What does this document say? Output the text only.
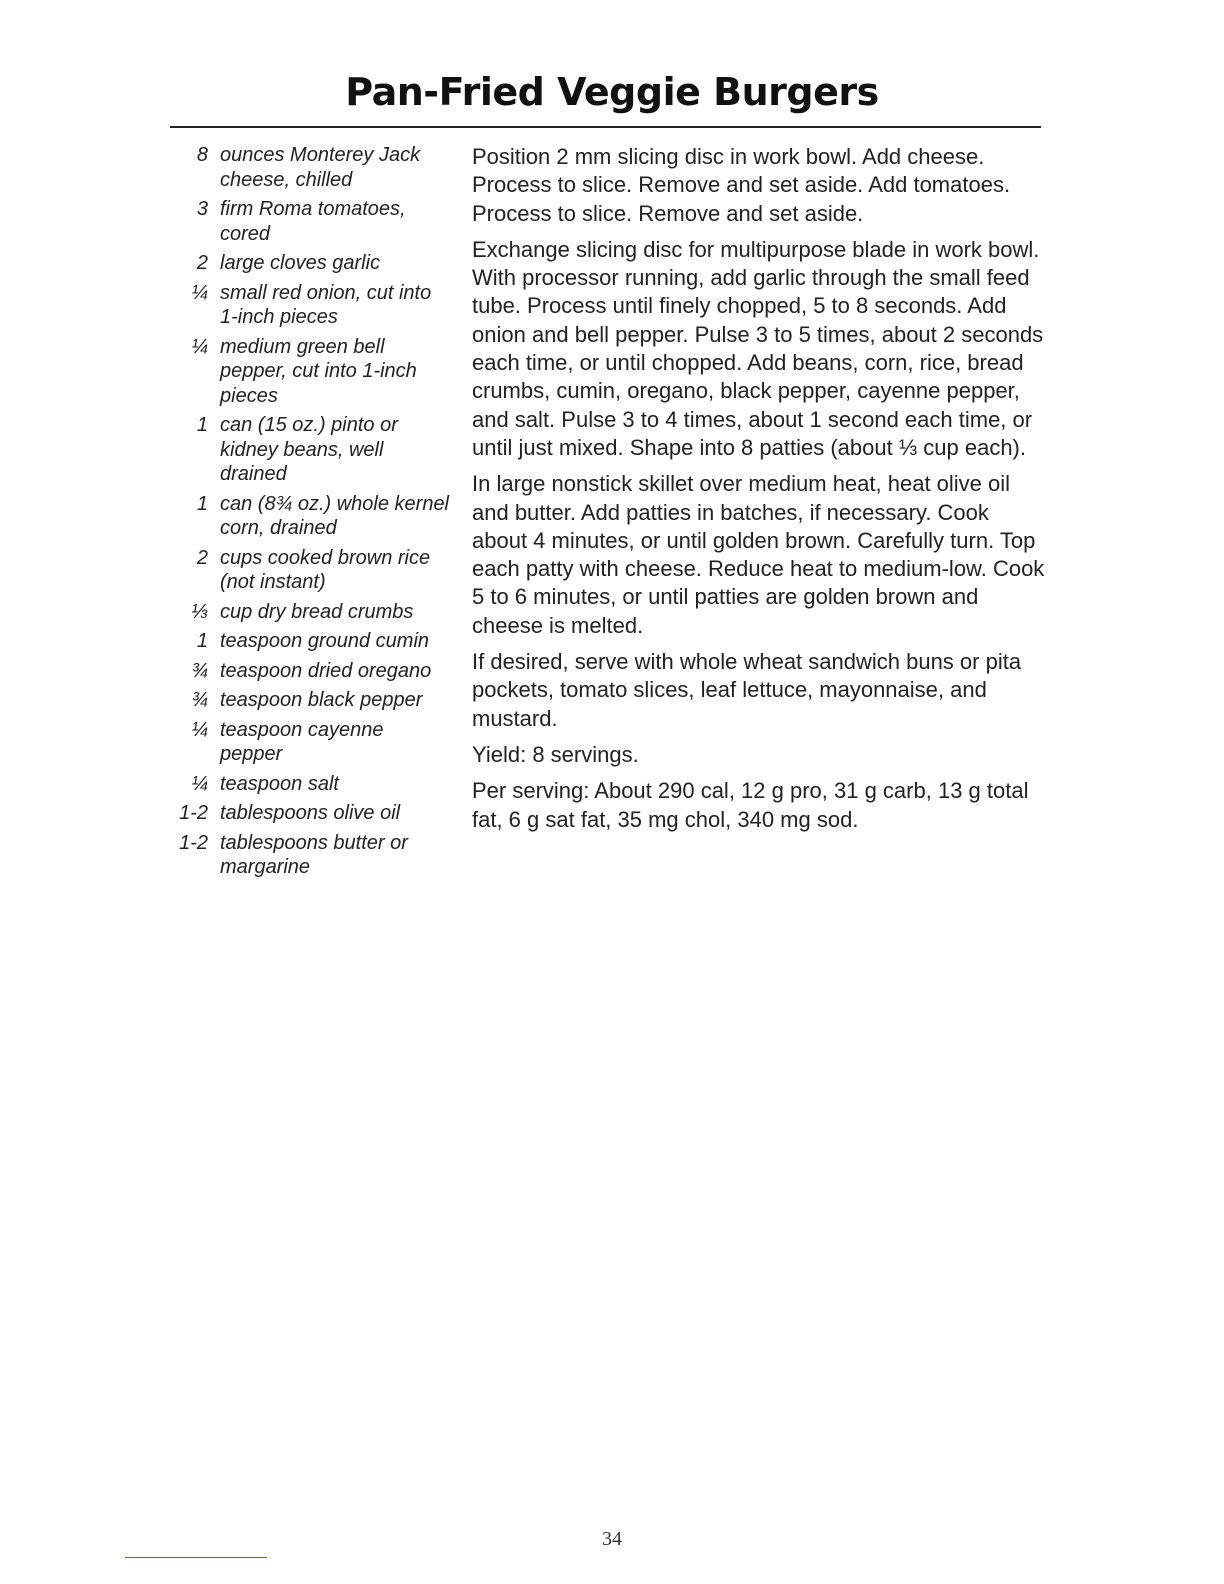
Pan-Fried Veggie Burgers
8 ounces Monterey Jack cheese, chilled
3 firm Roma tomatoes, cored
2 large cloves garlic
¼ small red onion, cut into 1-inch pieces
¼ medium green bell pepper, cut into 1-inch pieces
1 can (15 oz.) pinto or kidney beans, well drained
1 can (8¾ oz.) whole kernel corn, drained
2 cups cooked brown rice (not instant)
⅓ cup dry bread crumbs
1 teaspoon ground cumin
¾ teaspoon dried oregano
¾ teaspoon black pepper
¼ teaspoon cayenne pepper
¼ teaspoon salt
1-2 tablespoons olive oil
1-2 tablespoons butter or margarine

Position 2 mm slicing disc in work bowl. Add cheese. Process to slice. Remove and set aside. Add tomatoes. Process to slice. Remove and set aside.

Exchange slicing disc for multipurpose blade in work bowl. With processor running, add garlic through the small feed tube. Process until finely chopped, 5 to 8 seconds. Add onion and bell pepper. Pulse 3 to 5 times, about 2 seconds each time, or until chopped. Add beans, corn, rice, bread crumbs, cumin, oregano, black pepper, cayenne pepper, and salt. Pulse 3 to 4 times, about 1 second each time, or until just mixed. Shape into 8 patties (about ⅓ cup each).

In large nonstick skillet over medium heat, heat olive oil and butter. Add patties in batches, if necessary. Cook about 4 minutes, or until golden brown. Carefully turn. Top each patty with cheese. Reduce heat to medium-low. Cook 5 to 6 minutes, or until patties are golden brown and cheese is melted.

If desired, serve with whole wheat sandwich buns or pita pockets, tomato slices, leaf lettuce, mayonnaise, and mustard.

Yield: 8 servings.

Per serving: About 290 cal, 12 g pro, 31 g carb, 13 g total fat, 6 g sat fat, 35 mg chol, 340 mg sod.

34
